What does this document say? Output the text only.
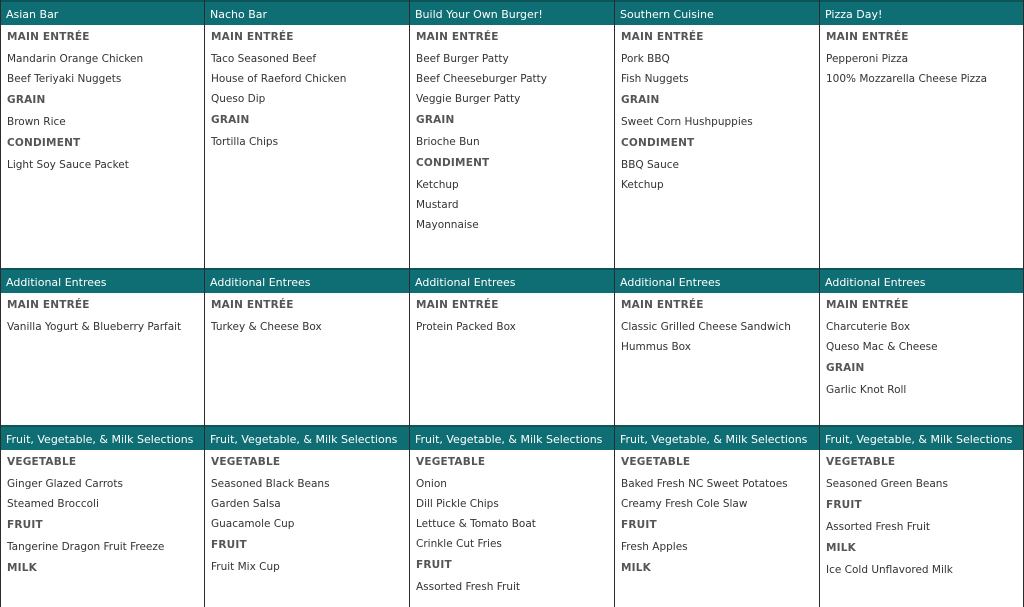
Asian Bar
MAIN ENTRÉE
Mandarin Orange Chicken
Beef Teriyaki Nuggets
GRAIN
Brown Rice
CONDIMENT
Light Soy Sauce Packet
Nacho Bar
MAIN ENTRÉE
Taco Seasoned Beef
House of Raeford Chicken
Queso Dip
GRAIN
Tortilla Chips
Build Your Own Burger!
MAIN ENTRÉE
Beef Burger Patty
Beef Cheeseburger Patty
Veggie Burger Patty
GRAIN
Brioche Bun
CONDIMENT
Ketchup
Mustard
Mayonnaise
Southern Cuisine
MAIN ENTRÉE
Pork BBQ
Fish Nuggets
GRAIN
Sweet Corn Hushpuppies
CONDIMENT
BBQ Sauce
Ketchup
Pizza Day!
MAIN ENTRÉE
Pepperoni Pizza
100% Mozzarella Cheese Pizza
Additional Entrees
MAIN ENTRÉE
Vanilla Yogurt & Blueberry Parfait
Additional Entrees
MAIN ENTRÉE
Turkey & Cheese Box
Additional Entrees
MAIN ENTRÉE
Protein Packed Box
Additional Entrees
MAIN ENTRÉE
Classic Grilled Cheese Sandwich
Hummus Box
Additional Entrees
MAIN ENTRÉE
Charcuterie Box
Queso Mac & Cheese
GRAIN
Garlic Knot Roll
Fruit, Vegetable, & Milk Selections
VEGETABLE
Ginger Glazed Carrots
Steamed Broccoli
FRUIT
Tangerine Dragon Fruit Freeze
MILK
Fruit, Vegetable, & Milk Selections
VEGETABLE
Seasoned Black Beans
Garden Salsa
Guacamole Cup
FRUIT
Fruit Mix Cup
Fruit, Vegetable, & Milk Selections
VEGETABLE
Onion
Dill Pickle Chips
Lettuce & Tomato Boat
Crinkle Cut Fries
FRUIT
Assorted Fresh Fruit
Fruit, Vegetable, & Milk Selections
VEGETABLE
Baked Fresh NC Sweet Potatoes
Creamy Fresh Cole Slaw
FRUIT
Fresh Apples
MILK
Fruit, Vegetable, & Milk Selections
VEGETABLE
Seasoned Green Beans
FRUIT
Assorted Fresh Fruit
MILK
Ice Cold Unflavored Milk
